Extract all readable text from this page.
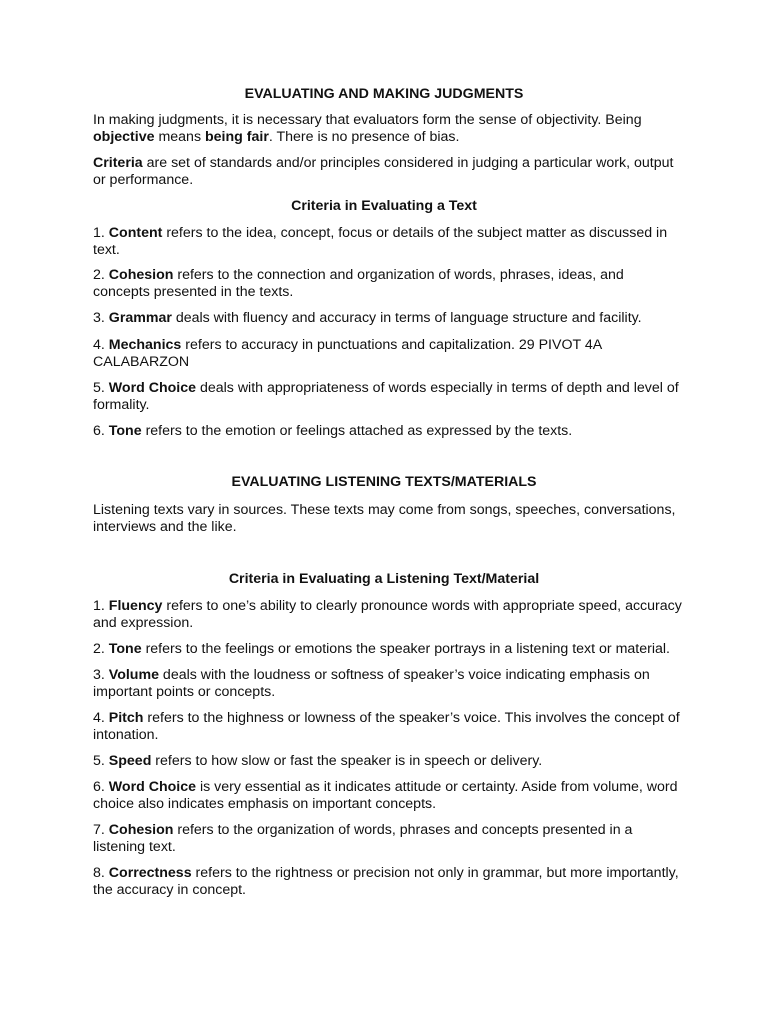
EVALUATING AND MAKING JUDGMENTS

In making judgments, it is necessary that evaluators form the sense of objectivity. Being objective means being fair. There is no presence of bias.

Criteria are set of standards and/or principles considered in judging a particular work, output or performance.

Criteria in Evaluating a Text

1. Content refers to the idea, concept, focus or details of the subject matter as discussed in text.

2. Cohesion refers to the connection and organization of words, phrases, ideas, and concepts presented in the texts.

3. Grammar deals with fluency and accuracy in terms of language structure and facility.

4. Mechanics refers to accuracy in punctuations and capitalization. 29 PIVOT 4A CALABARZON

5. Word Choice deals with appropriateness of words especially in terms of depth and level of formality.

6. Tone refers to the emotion or feelings attached as expressed by the texts.

EVALUATING LISTENING TEXTS/MATERIALS

Listening texts vary in sources. These texts may come from songs, speeches, conversations, interviews and the like.

Criteria in Evaluating a Listening Text/Material

1. Fluency refers to one’s ability to clearly pronounce words with appropriate speed, accuracy and expression.

2. Tone refers to the feelings or emotions the speaker portrays in a listening text or material.

3. Volume deals with the loudness or softness of speaker’s voice indicating emphasis on important points or concepts.

4. Pitch refers to the highness or lowness of the speaker’s voice. This involves the concept of intonation.

5. Speed refers to how slow or fast the speaker is in speech or delivery.

6. Word Choice is very essential as it indicates attitude or certainty. Aside from volume, word choice also indicates emphasis on important concepts.

7. Cohesion refers to the organization of words, phrases and concepts presented in a listening text.

8. Correctness refers to the rightness or precision not only in grammar, but more importantly, the accuracy in concept.
